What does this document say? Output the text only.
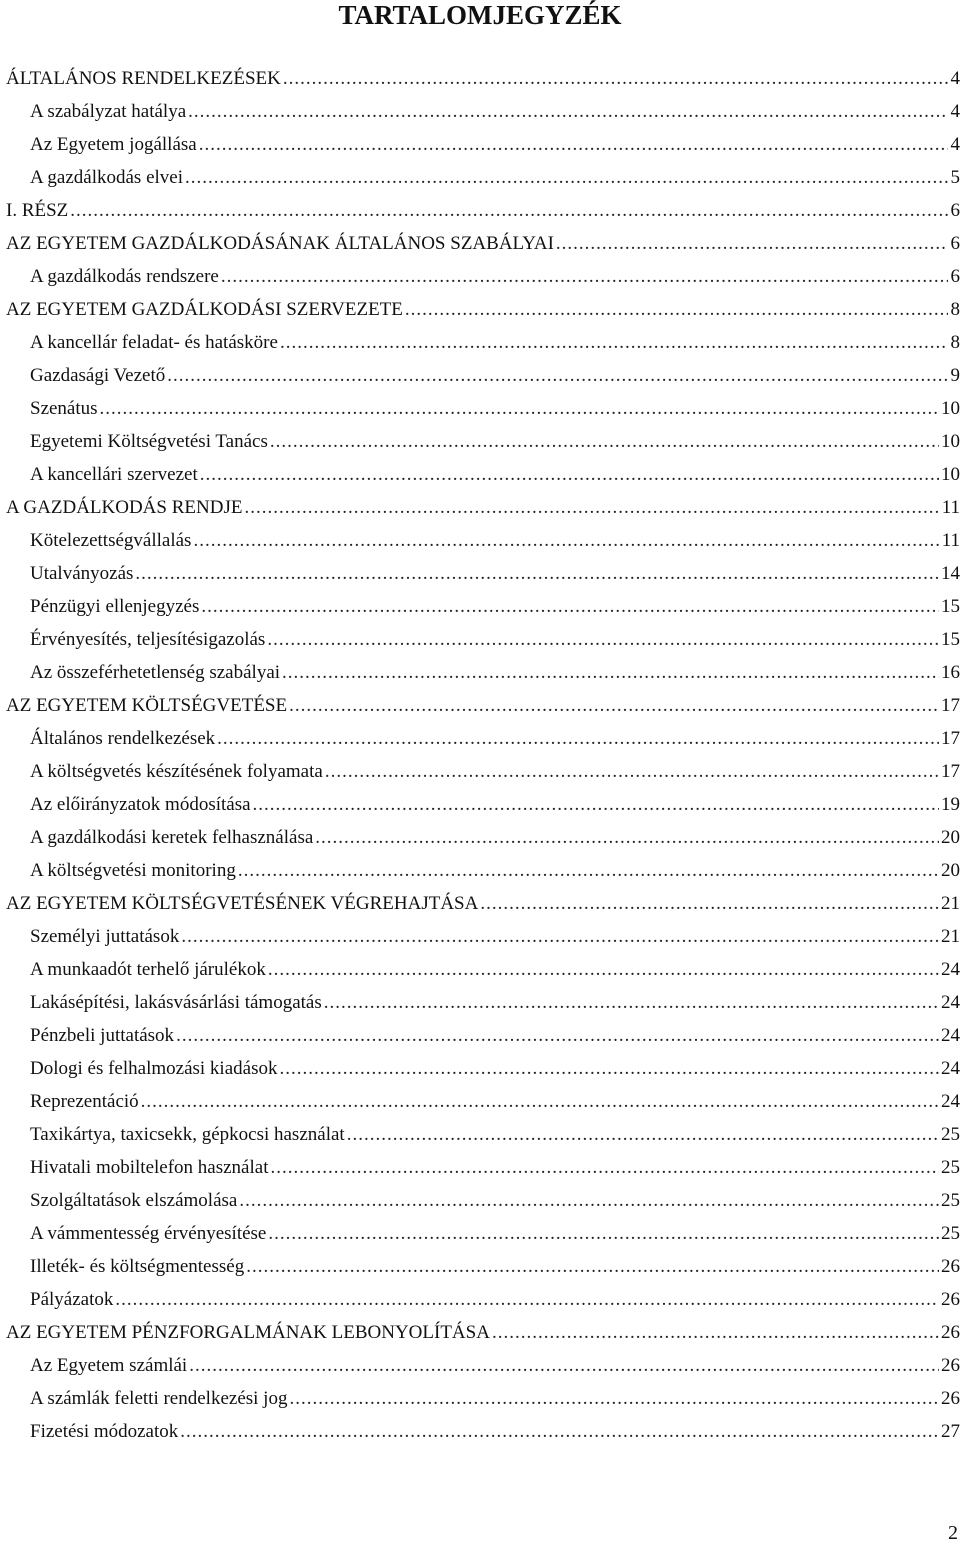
TARTALOMJEGYZÉK
ÁLTALÁNOS RENDELKEZÉSEK .....	4
A szabályzat hatálya .....	4
Az Egyetem jogállása .....	4
A gazdálkodás elvei .....	5
I. RÉSZ .....	6
AZ EGYETEM GAZDÁLKODÁSÁNAK ÁLTALÁNOS SZABÁLYAI .....	6
A gazdálkodás rendszere .....	6
AZ EGYETEM GAZDÁLKODÁSI SZERVEZETE .....	8
A kancellár feladat- és hatásköre .....	8
Gazdasági Vezető .....	9
Szenátus .....	10
Egyetemi Költségvetési Tanács .....	10
A kancellári szervezet .....	10
A GAZDÁLKODÁS RENDJE .....	11
Kötelezettségvállalás .....	11
Utalványozás .....	14
Pénzügyi ellenjegyzés .....	15
Érvényesítés, teljesítésigazolás .....	15
Az összeférhetetlenség szabályai .....	16
AZ EGYETEM KÖLTSÉGVETÉSE .....	17
Általános rendelkezések .....	17
A költségvetés készítésének folyamata .....	17
Az előirányzatok módosítása .....	19
A gazdálkodási keretek felhasználása .....	20
A költségvetési monitoring .....	20
AZ EGYETEM KÖLTSÉGVETÉSÉNEK VÉGREHAJTÁSA .....	21
Személyi juttatások .....	21
A munkaadót terhelő járulékok .....	24
Lakásépítési, lakásvásárlási támogatás .....	24
Pénzbeli juttatások .....	24
Dologi és felhalmozási kiadások .....	24
Reprezentáció .....	24
Taxikártya, taxicsekk, gépkocsi használat .....	25
Hivatali mobiltelefon használat .....	25
Szolgáltatások elszámolása .....	25
A vámmentesség érvényesítése .....	25
Illeték- és költségmentesség .....	26
Pályázatok .....	26
AZ EGYETEM PÉNZFORGALMÁNAK LEBONYOLÍTÁSA .....	26
Az Egyetem számlái .....	26
A számlák feletti rendelkezési jog .....	26
Fizetési módozatok .....	27
2
